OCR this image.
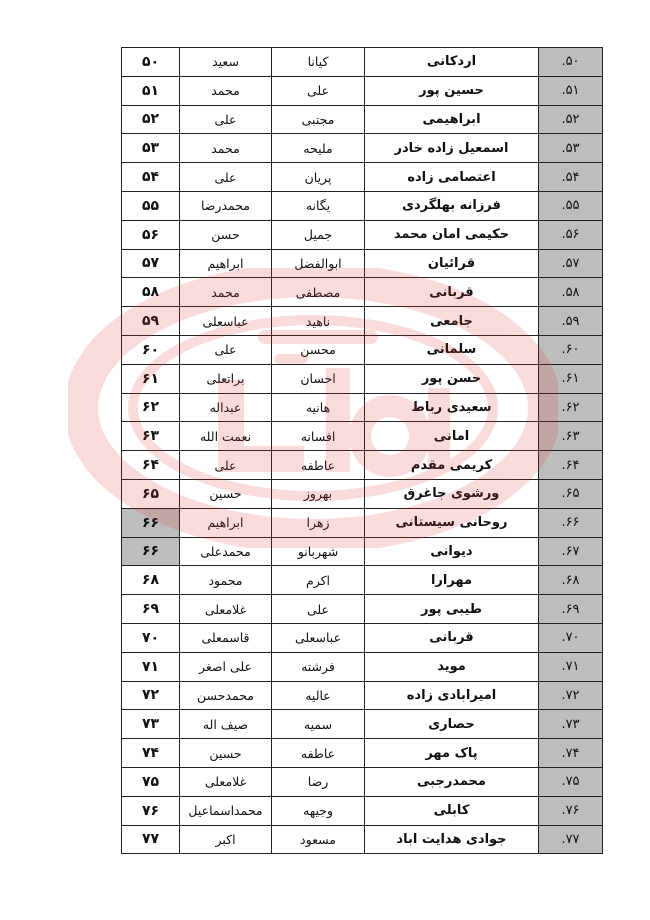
۵۰	سعید	کیانا	اردکانی	۵۰.
۵۱	محمد	علی	حسین پور	۵۱.
۵۲	علی	مجتبی	ابراهیمی	۵۲.
۵۳	محمد	ملیحه	اسمعیل زاده خادر	۵۳.
۵۴	علی	پریان	اعتصامی زاده	۵۴.
۵۵	محمدرضا	یگانه	فرزانه بهلگردی	۵۵.
۵۶	حسن	جمیل	حکیمی امان محمد	۵۶.
۵۷	ابراهیم	ابوالفضل	قرائیان	۵۷.
۵۸	محمد	مصطفی	قربانی	۵۸.
۵۹	عباسعلی	ناهید	جامعی	۵۹.
۶۰	علی	محسن	سلمانی	۶۰.
۶۱	براتعلی	احسان	حسن پور	۶۱.
۶۲	عبداله	هانیه	سعیدی رباط	۶۲.
۶۳	نعمت الله	افسانه	امانی	۶۳.
۶۴	علی	عاطفه	کریمی مقدم	۶۴.
۶۵	حسین	بهروز	ورشوی جاغرق	۶۵.
۶۶	ابراهیم	زهرا	روحانی سیستانی	۶۶.
۶۶	محمدعلی	شهربانو	دیوانی	۶۷.
۶۸	محمود	اکرم	مهرارا	۶۸.
۶۹	غلامعلی	علی	طیبی پور	۶۹.
۷۰	قاسمعلی	عباسعلی	قربانی	۷۰.
۷۱	علی اصغر	فرشته	موید	۷۱.
۷۲	محمدحسن	عالیه	امیرابادی زاده	۷۲.
۷۳	صیف اله	سمیه	حصاری	۷۳.
۷۴	حسین	عاطفه	پاک مهر	۷۴.
۷۵	غلامعلی	رضا	محمدرجبی	۷۵.
۷۶	محمداسماعیل	وجیهه	کابلی	۷۶.
۷۷	اکبر	مسعود	جوادی هدایت اباد	۷۷.
